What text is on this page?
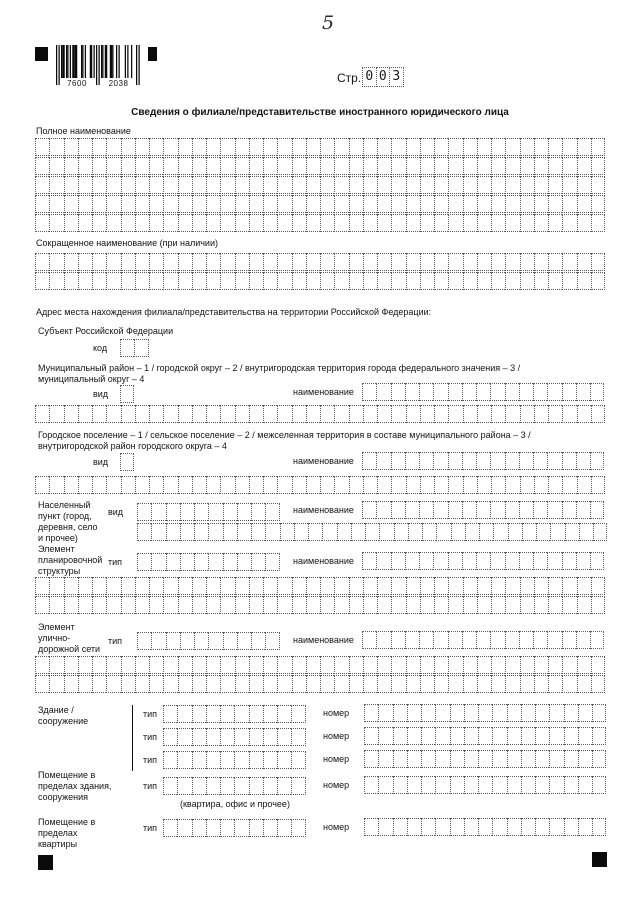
5
7600	2038	Стр. 0 0 3
Сведения о филиале/представительстве иностранного юридического лица
Полное наименование
Сокращенное наименование (при наличии)
Адрес места нахождения филиала/представительства на территории Российской Федерации:
Субъект Российской Федерации
код
Муниципальный район – 1 / городской округ – 2 / внутригородская территория города федерального значения – 3 /
муниципальный округ – 4
вид	наименование
Городское поселение – 1 / сельское поселение – 2 / межселенная территория в составе муниципального района – 3 /
внутригородской район городского округа – 4
вид	наименование
Населенный пункт (город, деревня, село и прочее)
вид	наименование
Элемент планировочной структуры
тип	наименование
Элемент улично-дорожной сети
тип	наименование
Здание / сооружение
тип	номер
тип	номер
тип	номер
Помещение в пределах здания, сооружения
тип	номер
(квартира, офис и прочее)
Помещение в пределах квартиры
тип	номер
